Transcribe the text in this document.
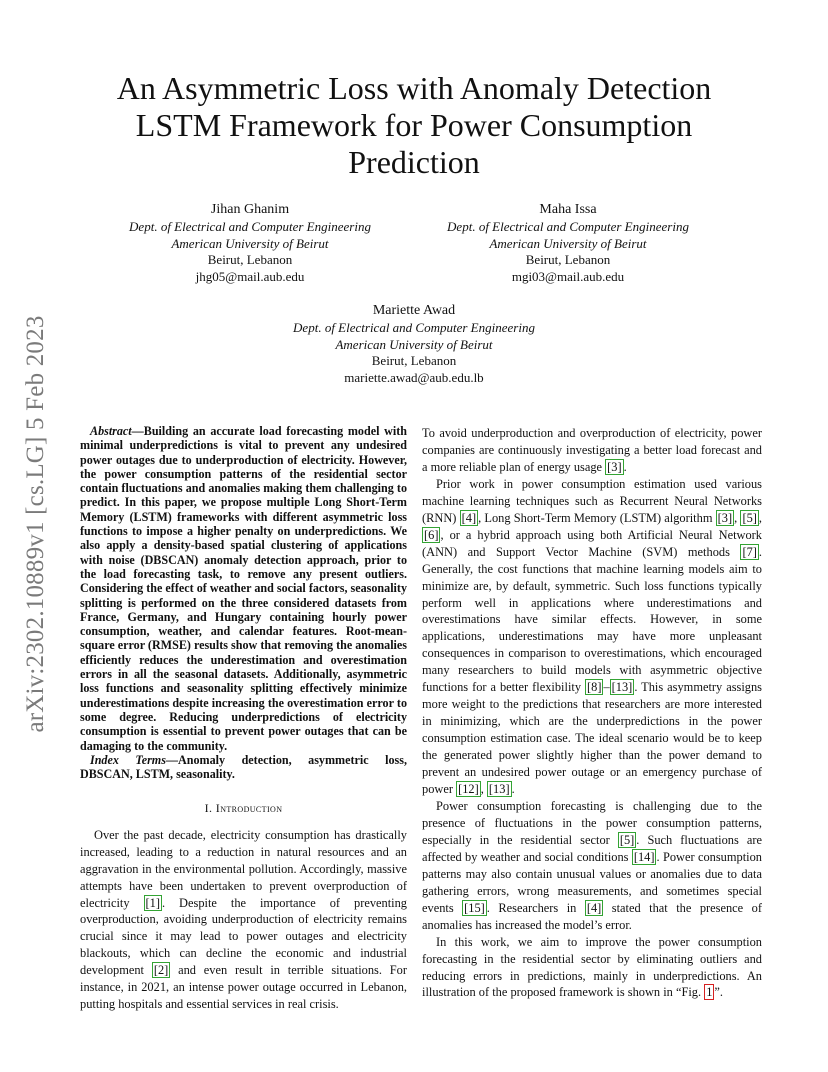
arXiv:2302.10889v1 [cs.LG] 5 Feb 2023
An Asymmetric Loss with Anomaly Detection LSTM Framework for Power Consumption Prediction
Jihan Ghanim
Dept. of Electrical and Computer Engineering
American University of Beirut
Beirut, Lebanon
jhg05@mail.aub.edu
Maha Issa
Dept. of Electrical and Computer Engineering
American University of Beirut
Beirut, Lebanon
mgi03@mail.aub.edu
Mariette Awad
Dept. of Electrical and Computer Engineering
American University of Beirut
Beirut, Lebanon
mariette.awad@aub.edu.lb

Abstract—Building an accurate load forecasting model with minimal underpredictions is vital to prevent any undesired power outages due to underproduction of electricity. However, the power consumption patterns of the residential sector contain fluctuations and anomalies making them challenging to predict. In this paper, we propose multiple Long Short-Term Memory (LSTM) frameworks with different asymmetric loss functions to impose a higher penalty on underpredictions. We also apply a density-based spatial clustering of applications with noise (DBSCAN) anomaly detection approach, prior to the load forecasting task, to remove any present outliers. Considering the effect of weather and social factors, seasonality splitting is performed on the three considered datasets from France, Germany, and Hungary containing hourly power consumption, weather, and calendar features. Root-mean-square error (RMSE) results show that removing the anomalies efficiently reduces the underestimation and overestimation errors in all the seasonal datasets. Additionally, asymmetric loss functions and seasonality splitting effectively minimize underestimations despite increasing the overestimation error to some degree. Reducing underpredictions of electricity consumption is essential to prevent power outages that can be damaging to the community.

Index Terms—Anomaly detection, asymmetric loss, DBSCAN, LSTM, seasonality.

I. Introduction

Over the past decade, electricity consumption has drastically increased, leading to a reduction in natural resources and an aggravation in the environmental pollution. Accordingly, massive attempts have been undertaken to prevent overproduction of electricity [1] . Despite the importance of preventing overproduction, avoiding underproduction of electricity remains crucial since it may lead to power outages and electricity blackouts, which can decline the economic and industrial development [2] and even result in terrible situations. For instance, in 2021, an intense power outage occurred in Lebanon, putting hospitals and essential services in real crisis.

To avoid underproduction and overproduction of electricity, power companies are continuously investigating a better load forecast and a more reliable plan of energy usage [3] .

Prior work in power consumption estimation used various machine learning techniques such as Recurrent Neural Networks (RNN) [4] , Long Short-Term Memory (LSTM) algorithm [3] , [5] , [6] , or a hybrid approach using both Artificial Neural Network (ANN) and Support Vector Machine (SVM) methods [7] . Generally, the cost functions that machine learning models aim to minimize are, by default, symmetric. Such loss functions typically perform well in applications where underestimations and overestimations have similar effects. However, in some applications, underestimations may have more unpleasant consequences in comparison to overestimations, which encouraged many researchers to build models with asymmetric objective functions for a better flexibility [8] – [13] . This asymmetry assigns more weight to the predictions that researchers are more interested in minimizing, which are the underpredictions in the power consumption estimation case. The ideal scenario would be to keep the generated power slightly higher than the power demand to prevent an undesired power outage or an emergency purchase of power [12] , [13] .

Power consumption forecasting is challenging due to the presence of fluctuations in the power consumption patterns, especially in the residential sector [5] . Such fluctuations are affected by weather and social conditions [14] . Power consumption patterns may also contain unusual values or anomalies due to data gathering errors, wrong measurements, and sometimes special events [15] . Researchers in [4] stated that the presence of anomalies has increased the model’s error.

In this work, we aim to improve the power consumption forecasting in the residential sector by eliminating outliers and reducing errors in predictions, mainly in underpredictions. An illustration of the proposed framework is shown in “Fig. 1 ”.
